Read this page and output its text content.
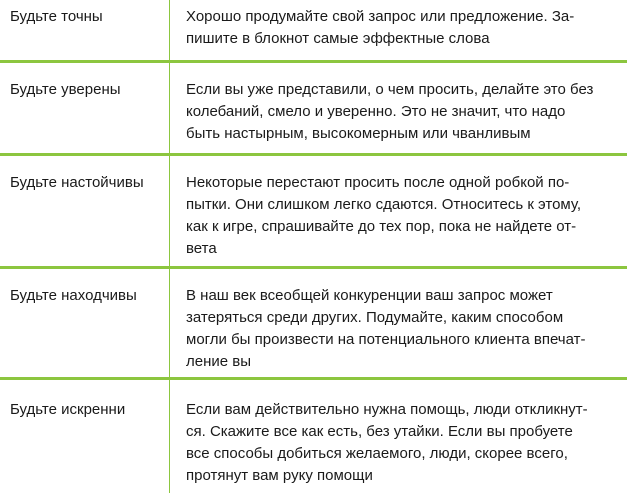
Будьте точны	Хорошо продумайте свой запрос или предложение. За-
пишите в блокнот самые эффектные слова
Будьте уверены	Если вы уже представили, о чем просить, делайте это без
колебаний, смело и уверенно. Это не значит, что надо
быть настырным, высокомерным или чванливым
Будьте настойчивы	Некоторые перестают просить после одной робкой по-
пытки. Они слишком легко сдаются. Относитесь к этому,
как к игре, спрашивайте до тех пор, пока не найдете от-
вета
Будьте находчивы	В наш век всеобщей конкуренции ваш запрос может
затеряться среди других. Подумайте, каким способом
могли бы произвести на потенциального клиента впечат-
ление вы
Будьте искренни	Если вам действительно нужна помощь, люди откликнут-
ся. Скажите все как есть, без утайки. Если вы пробуете
все способы добиться желаемого, люди, скорее всего,
протянут вам руку помощи
